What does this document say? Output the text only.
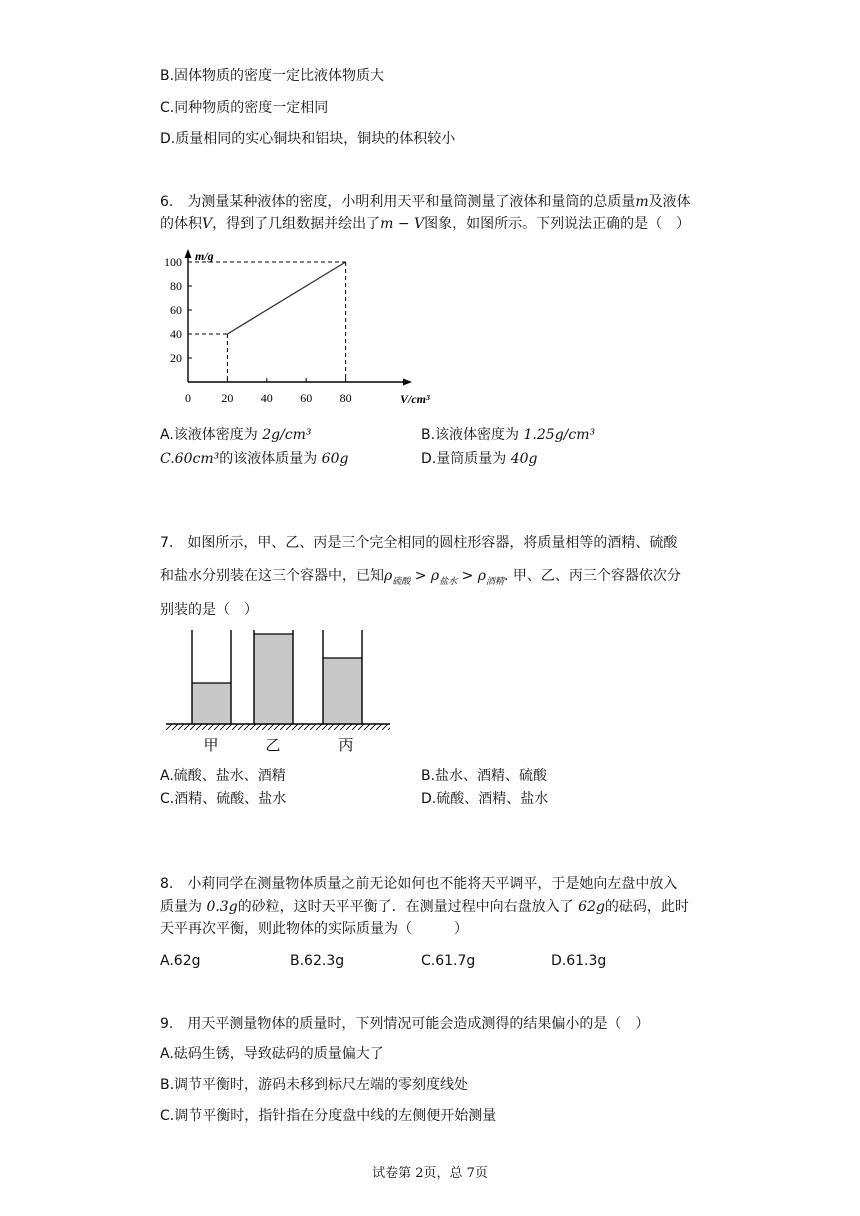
B.固体物质的密度一定比液体物质大
C.同种物质的密度一定相同
D.质量相同的实心铜块和铝块，铜块的体积较小
6.　为测量某种液体的密度，小明利用天平和量筒测量了液体和量筒的总质量m及液体
的体积V，得到了几组数据并绘出了m − V图象，如图所示。下列说法正确的是（　）
m/g
V/cm³
0	20 40 60 80
20
40
60
80
100
A.该液体密度为 2g/cm³	B.该液体密度为 1.25g/cm³
C.60cm³的该液体质量为 60g	D.量筒质量为 40g
7.　如图所示，甲、乙、丙是三个完全相同的圆柱形容器，将质量相等的酒精、硫酸
和盐水分别装在这三个容器中，已知$\rho_{硫酸} > \rho_{盐水} > \rho_{酒精}$. 甲、乙、丙三个容器依次分
别装的是（　）
甲	乙	丙
A.硫酸、盐水、酒精	B.盐水、酒精、硫酸
C.酒精、硫酸、盐水	D.硫酸、酒精、盐水
8.　小莉同学在测量物体质量之前无论如何也不能将天平调平，于是她向左盘中放入
质量为 0.3g的砂粒，这时天平平衡了．在测量过程中向右盘放入了 62g的砝码，此时
天平再次平衡，则此物体的实际质量为（　　　）
A.62g	B.62.3g	C.61.7g	D.61.3g
9.　用天平测量物体的质量时，下列情况可能会造成测得的结果偏小的是（　）
A.砝码生锈，导致砝码的质量偏大了
B.调节平衡时，游码未移到标尺左端的零刻度线处
C.调节平衡时，指针指在分度盘中线的左侧便开始测量
试卷第 2页，总 7页
